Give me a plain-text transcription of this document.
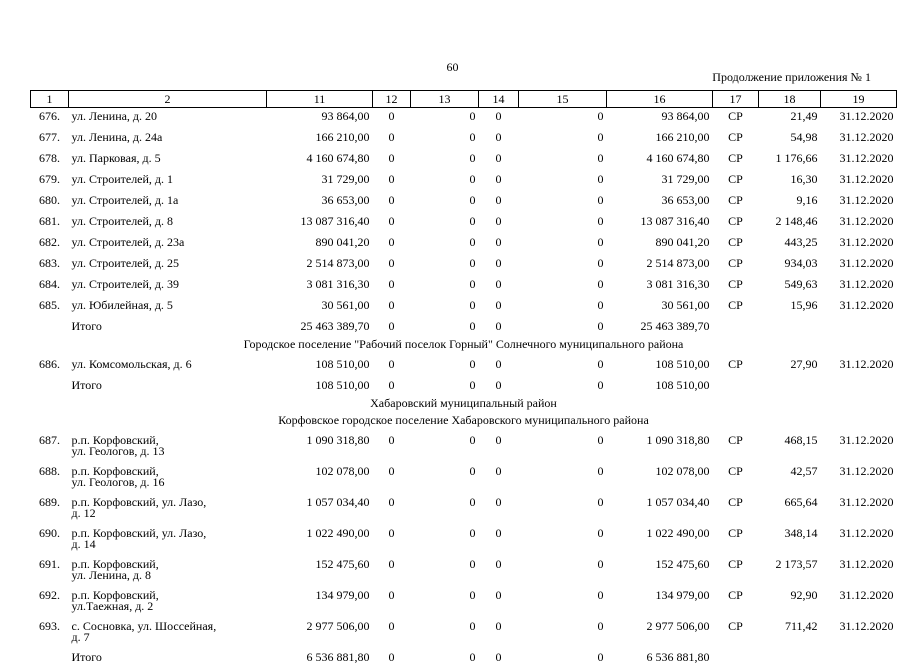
60
Продолжение приложения № 1
1	2	11	12	13	14	15	16	17	18	19
676.	ул. Ленина, д. 20	93 864,00	0	0	0	0	93 864,00	СР	21,49	31.12.2020
677.	ул. Ленина, д. 24а	166 210,00	0	0	0	0	166 210,00	СР	54,98	31.12.2020
678.	ул. Парковая, д. 5	4 160 674,80	0	0	0	0	4 160 674,80	СР	1 176,66	31.12.2020
679.	ул. Строителей, д. 1	31 729,00	0	0	0	0	31 729,00	СР	16,30	31.12.2020
680.	ул. Строителей, д. 1а	36 653,00	0	0	0	0	36 653,00	СР	9,16	31.12.2020
681.	ул. Строителей, д. 8	13 087 316,40	0	0	0	0	13 087 316,40	СР	2 148,46	31.12.2020
682.	ул. Строителей, д. 23а	890 041,20	0	0	0	0	890 041,20	СР	443,25	31.12.2020
683.	ул. Строителей, д. 25	2 514 873,00	0	0	0	0	2 514 873,00	СР	934,03	31.12.2020
684.	ул. Строителей, д. 39	3 081 316,30	0	0	0	0	3 081 316,30	СР	549,63	31.12.2020
685.	ул. Юбилейная, д. 5	30 561,00	0	0	0	0	30 561,00	СР	15,96	31.12.2020
	Итого	25 463 389,70	0	0	0	0	25 463 389,70			
Городское поселение "Рабочий поселок Горный" Солнечного муниципального района										
686.	ул. Комсомольская, д. 6	108 510,00	0	0	0	0	108 510,00	СР	27,90	31.12.2020
	Итого	108 510,00	0	0	0	0	108 510,00			
Хабаровский муниципальный район										
Корфовское городское поселение Хабаровского муниципального района										
687.	р.п. Корфовский,
ул. Геологов, д. 13	1 090 318,80	0	0	0	0	1 090 318,80	СР	468,15	31.12.2020
688.	р.п. Корфовский,
ул. Геологов, д. 16	102 078,00	0	0	0	0	102 078,00	СР	42,57	31.12.2020
689.	р.п. Корфовский, ул. Лазо,
д. 12	1 057 034,40	0	0	0	0	1 057 034,40	СР	665,64	31.12.2020
690.	р.п. Корфовский, ул. Лазо,
д. 14	1 022 490,00	0	0	0	0	1 022 490,00	СР	348,14	31.12.2020
691.	р.п. Корфовский,
ул. Ленина, д. 8	152 475,60	0	0	0	0	152 475,60	СР	2 173,57	31.12.2020
692.	р.п. Корфовский,
ул.Таежная, д. 2	134 979,00	0	0	0	0	134 979,00	СР	92,90	31.12.2020
693.	с. Сосновка, ул. Шоссейная,
д. 7	2 977 506,00	0	0	0	0	2 977 506,00	СР	711,42	31.12.2020
	Итого	6 536 881,80	0	0	0	0	6 536 881,80			
